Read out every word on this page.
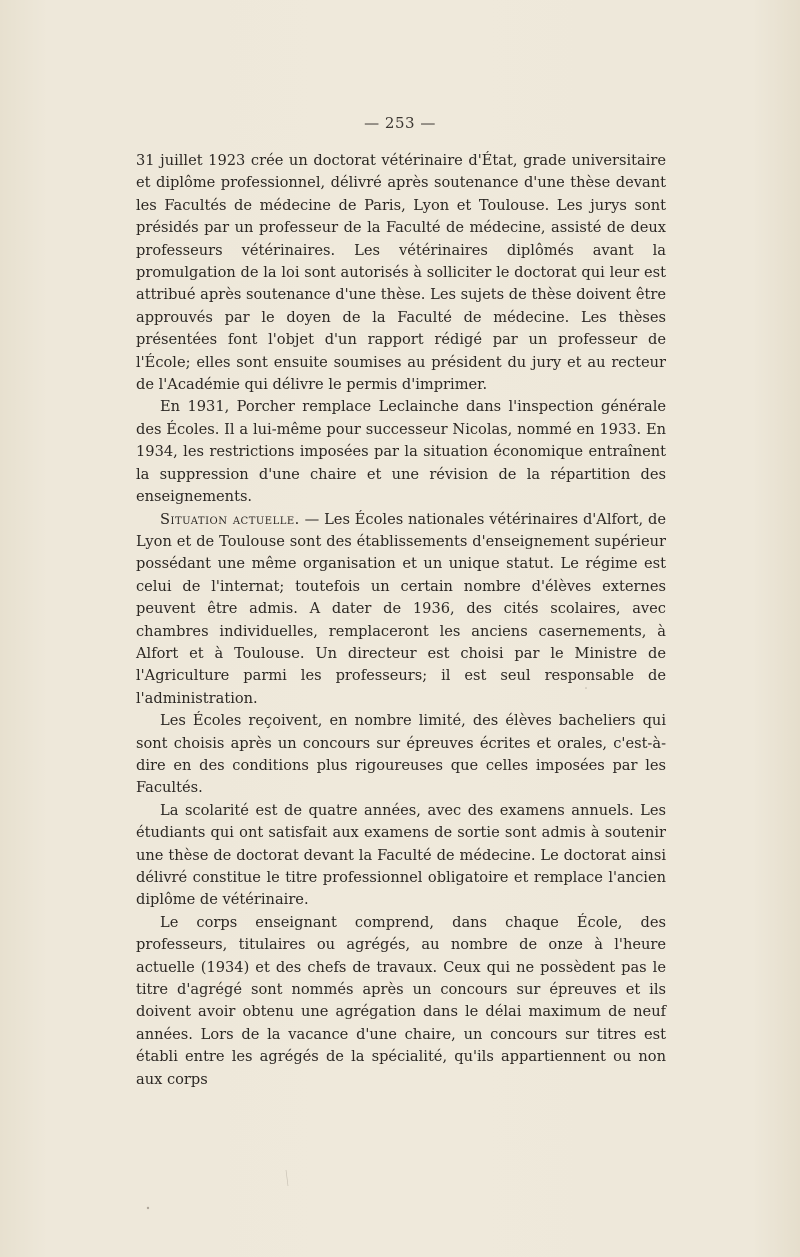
— 253 —

31 juillet 1923 crée un doctorat vétérinaire d'État, grade universitaire et diplôme professionnel, délivré après soutenance d'une thèse devant les Facultés de médecine de Paris, Lyon et Toulouse. Les jurys sont présidés par un professeur de la Faculté de médecine, assisté de deux professeurs vétérinaires. Les vétérinaires diplômés avant la promulgation de la loi sont autorisés à solliciter le doctorat qui leur est attribué après soutenance d'une thèse. Les sujets de thèse doivent être approuvés par le doyen de la Faculté de médecine. Les thèses présentées font l'objet d'un rapport rédigé par un professeur de l'École; elles sont ensuite soumises au président du jury et au recteur de l'Académie qui délivre le permis d'imprimer.

En 1931, Porcher remplace Leclainche dans l'inspection générale des Écoles. Il a lui-même pour successeur Nicolas, nommé en 1933. En 1934, les restrictions imposées par la situation économique entraînent la suppression d'une chaire et une révision de la répartition des enseignements.

Situation actuelle. — Les Écoles nationales vétérinaires d'Alfort, de Lyon et de Toulouse sont des établissements d'enseignement supérieur possédant une même organisation et un unique statut. Le régime est celui de l'internat; toutefois un certain nombre d'élèves externes peuvent être admis. A dater de 1936, des cités scolaires, avec chambres individuelles, remplaceront les anciens casernements, à Alfort et à Toulouse. Un directeur est choisi par le Ministre de l'Agriculture parmi les professeurs; il est seul responsable de l'administration.

Les Écoles reçoivent, en nombre limité, des élèves bacheliers qui sont choisis après un concours sur épreuves écrites et orales, c'est-à-dire en des conditions plus rigoureuses que celles imposées par les Facultés.

La scolarité est de quatre années, avec des examens annuels. Les étudiants qui ont satisfait aux examens de sortie sont admis à soutenir une thèse de doctorat devant la Faculté de médecine. Le doctorat ainsi délivré constitue le titre professionnel obligatoire et remplace l'ancien diplôme de vétérinaire.

Le corps enseignant comprend, dans chaque École, des professeurs, titulaires ou agrégés, au nombre de onze à l'heure actuelle (1934) et des chefs de travaux. Ceux qui ne possèdent pas le titre d'agrégé sont nommés après un concours sur épreuves et ils doivent avoir obtenu une agrégation dans le délai maximum de neuf années. Lors de la vacance d'une chaire, un concours sur titres est établi entre les agrégés de la spécialité, qu'ils appartiennent ou non aux corps
